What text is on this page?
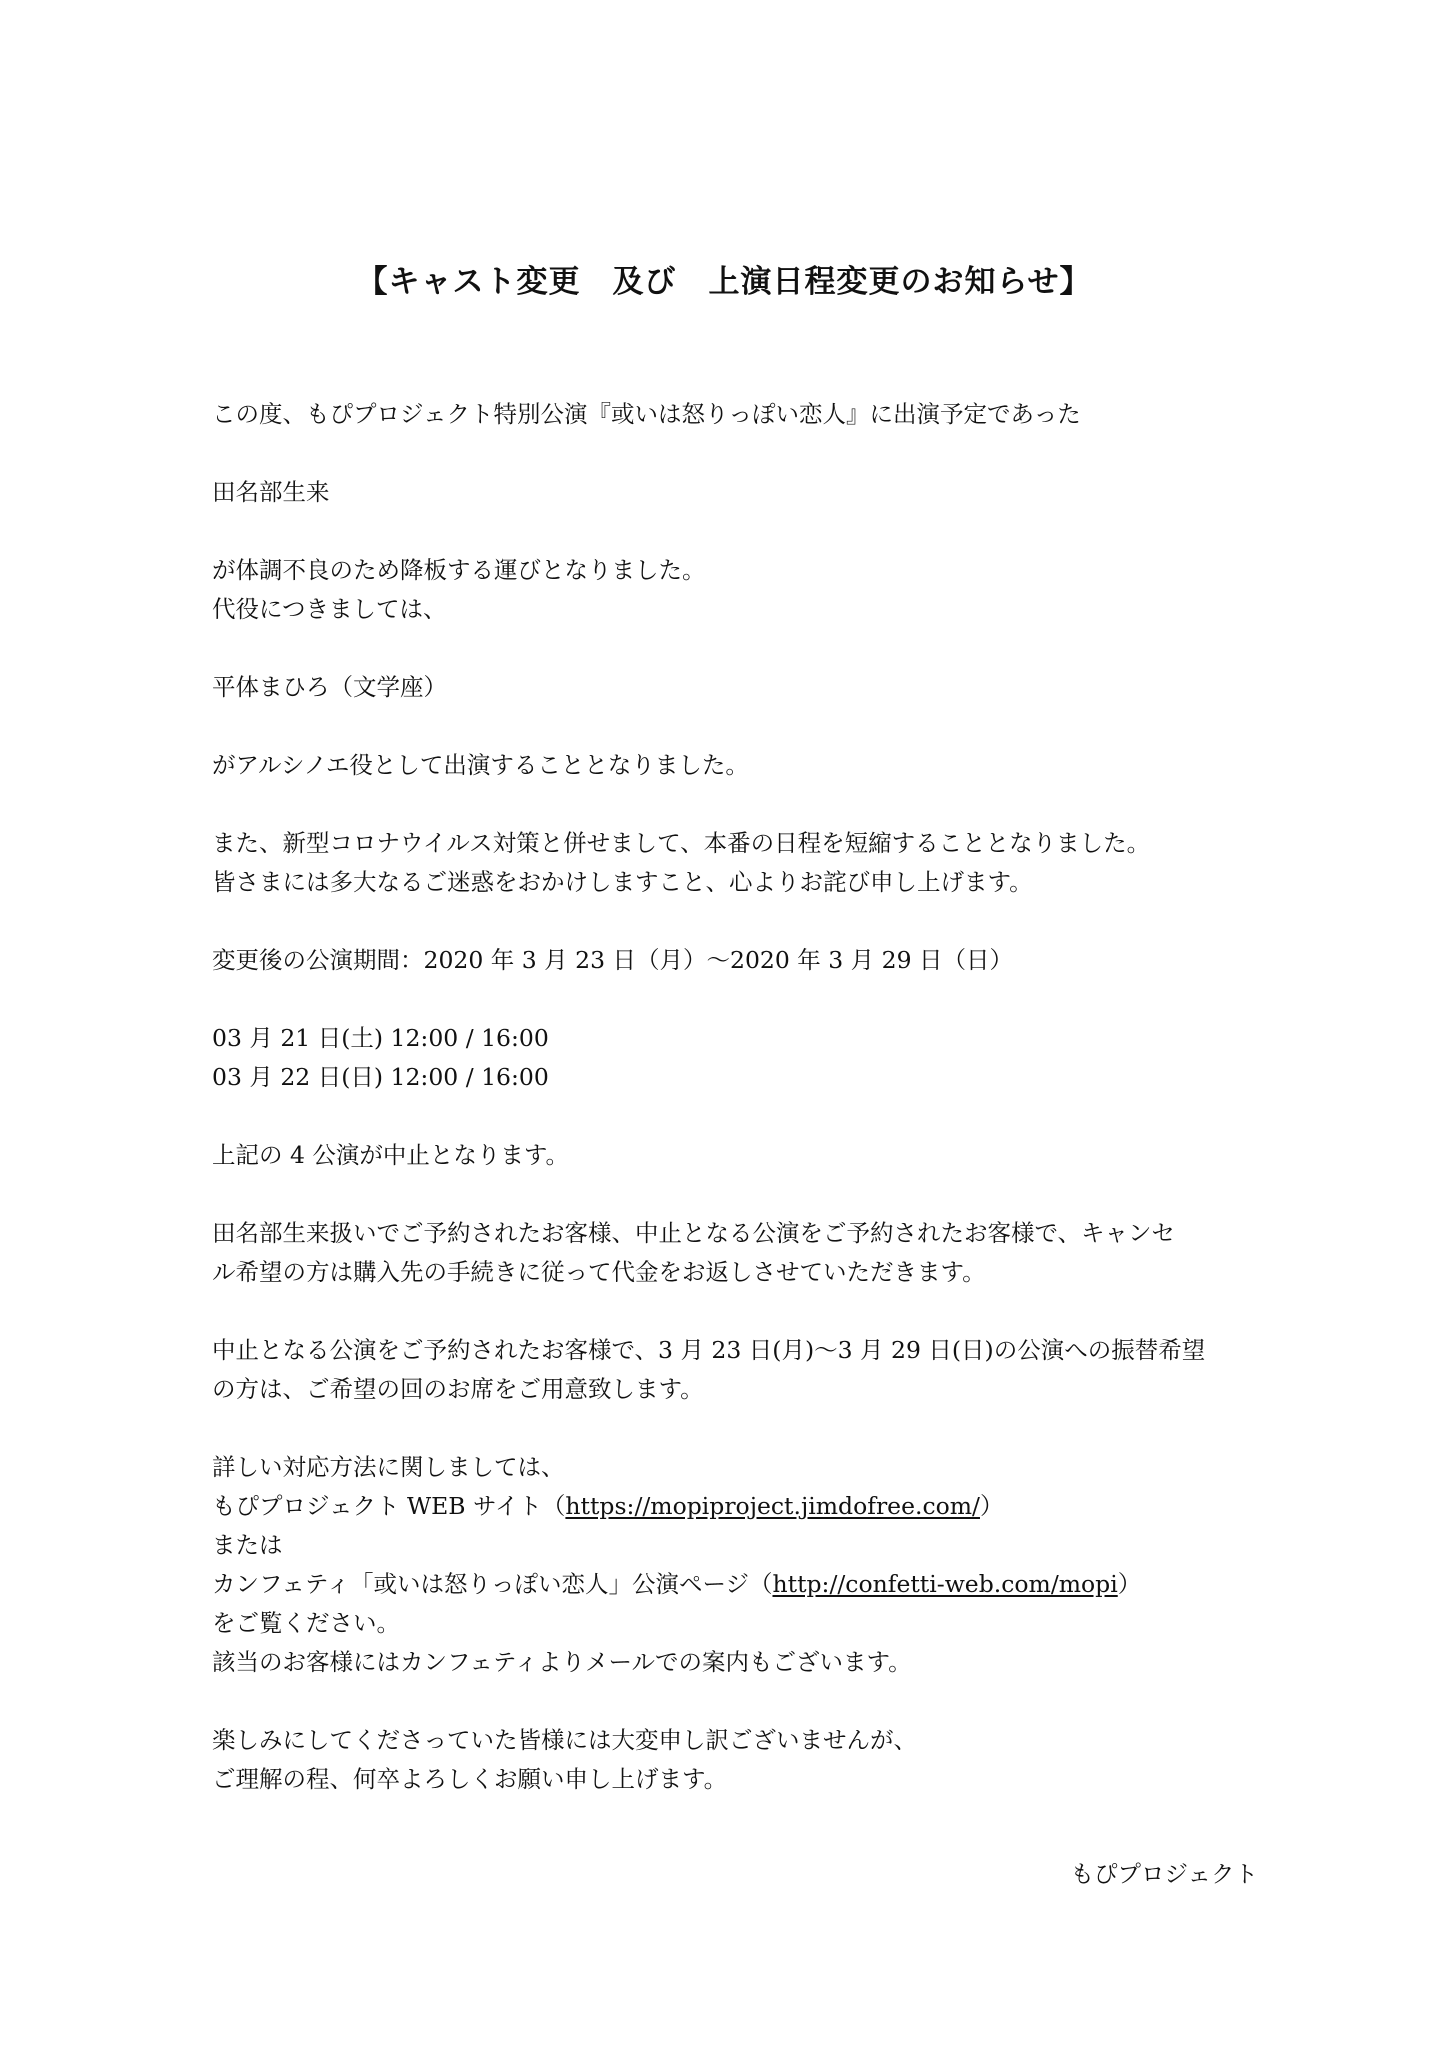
【キャスト変更　及び　上演日程変更のお知らせ】
この度、もぴプロジェクト特別公演『或いは怒りっぽい恋人』に出演予定であった
田名部生来
が体調不良のため降板する運びとなりました。
代役につきましては、
平体まひろ（文学座）
がアルシノエ役として出演することとなりました。
また、新型コロナウイルス対策と併せまして、本番の日程を短縮することとなりました。
皆さまには多大なるご迷惑をおかけしますこと、心よりお詫び申し上げます。
変更後の公演期間：2020 年 3 月 23 日（月）～2020 年 3 月 29 日（日）
03 月 21 日(土) 12:00 / 16:00
03 月 22 日(日) 12:00 / 16:00
上記の 4 公演が中止となります。
田名部生来扱いでご予約されたお客様、中止となる公演をご予約されたお客様で、キャンセ
ル希望の方は購入先の手続きに従って代金をお返しさせていただきます。
中止となる公演をご予約されたお客様で、3 月 23 日(月)～3 月 29 日(日)の公演への振替希望
の方は、ご希望の回のお席をご用意致します。
詳しい対応方法に関しましては、
もぴプロジェクト WEB サイト（https://mopiproject.jimdofree.com/）
または
カンフェティ「或いは怒りっぽい恋人」公演ページ（http://confetti-web.com/mopi）
をご覧ください。
該当のお客様にはカンフェティよりメールでの案内もございます。
楽しみにしてくださっていた皆様には大変申し訳ございませんが、
ご理解の程、何卒よろしくお願い申し上げます。
もぴプロジェクト
